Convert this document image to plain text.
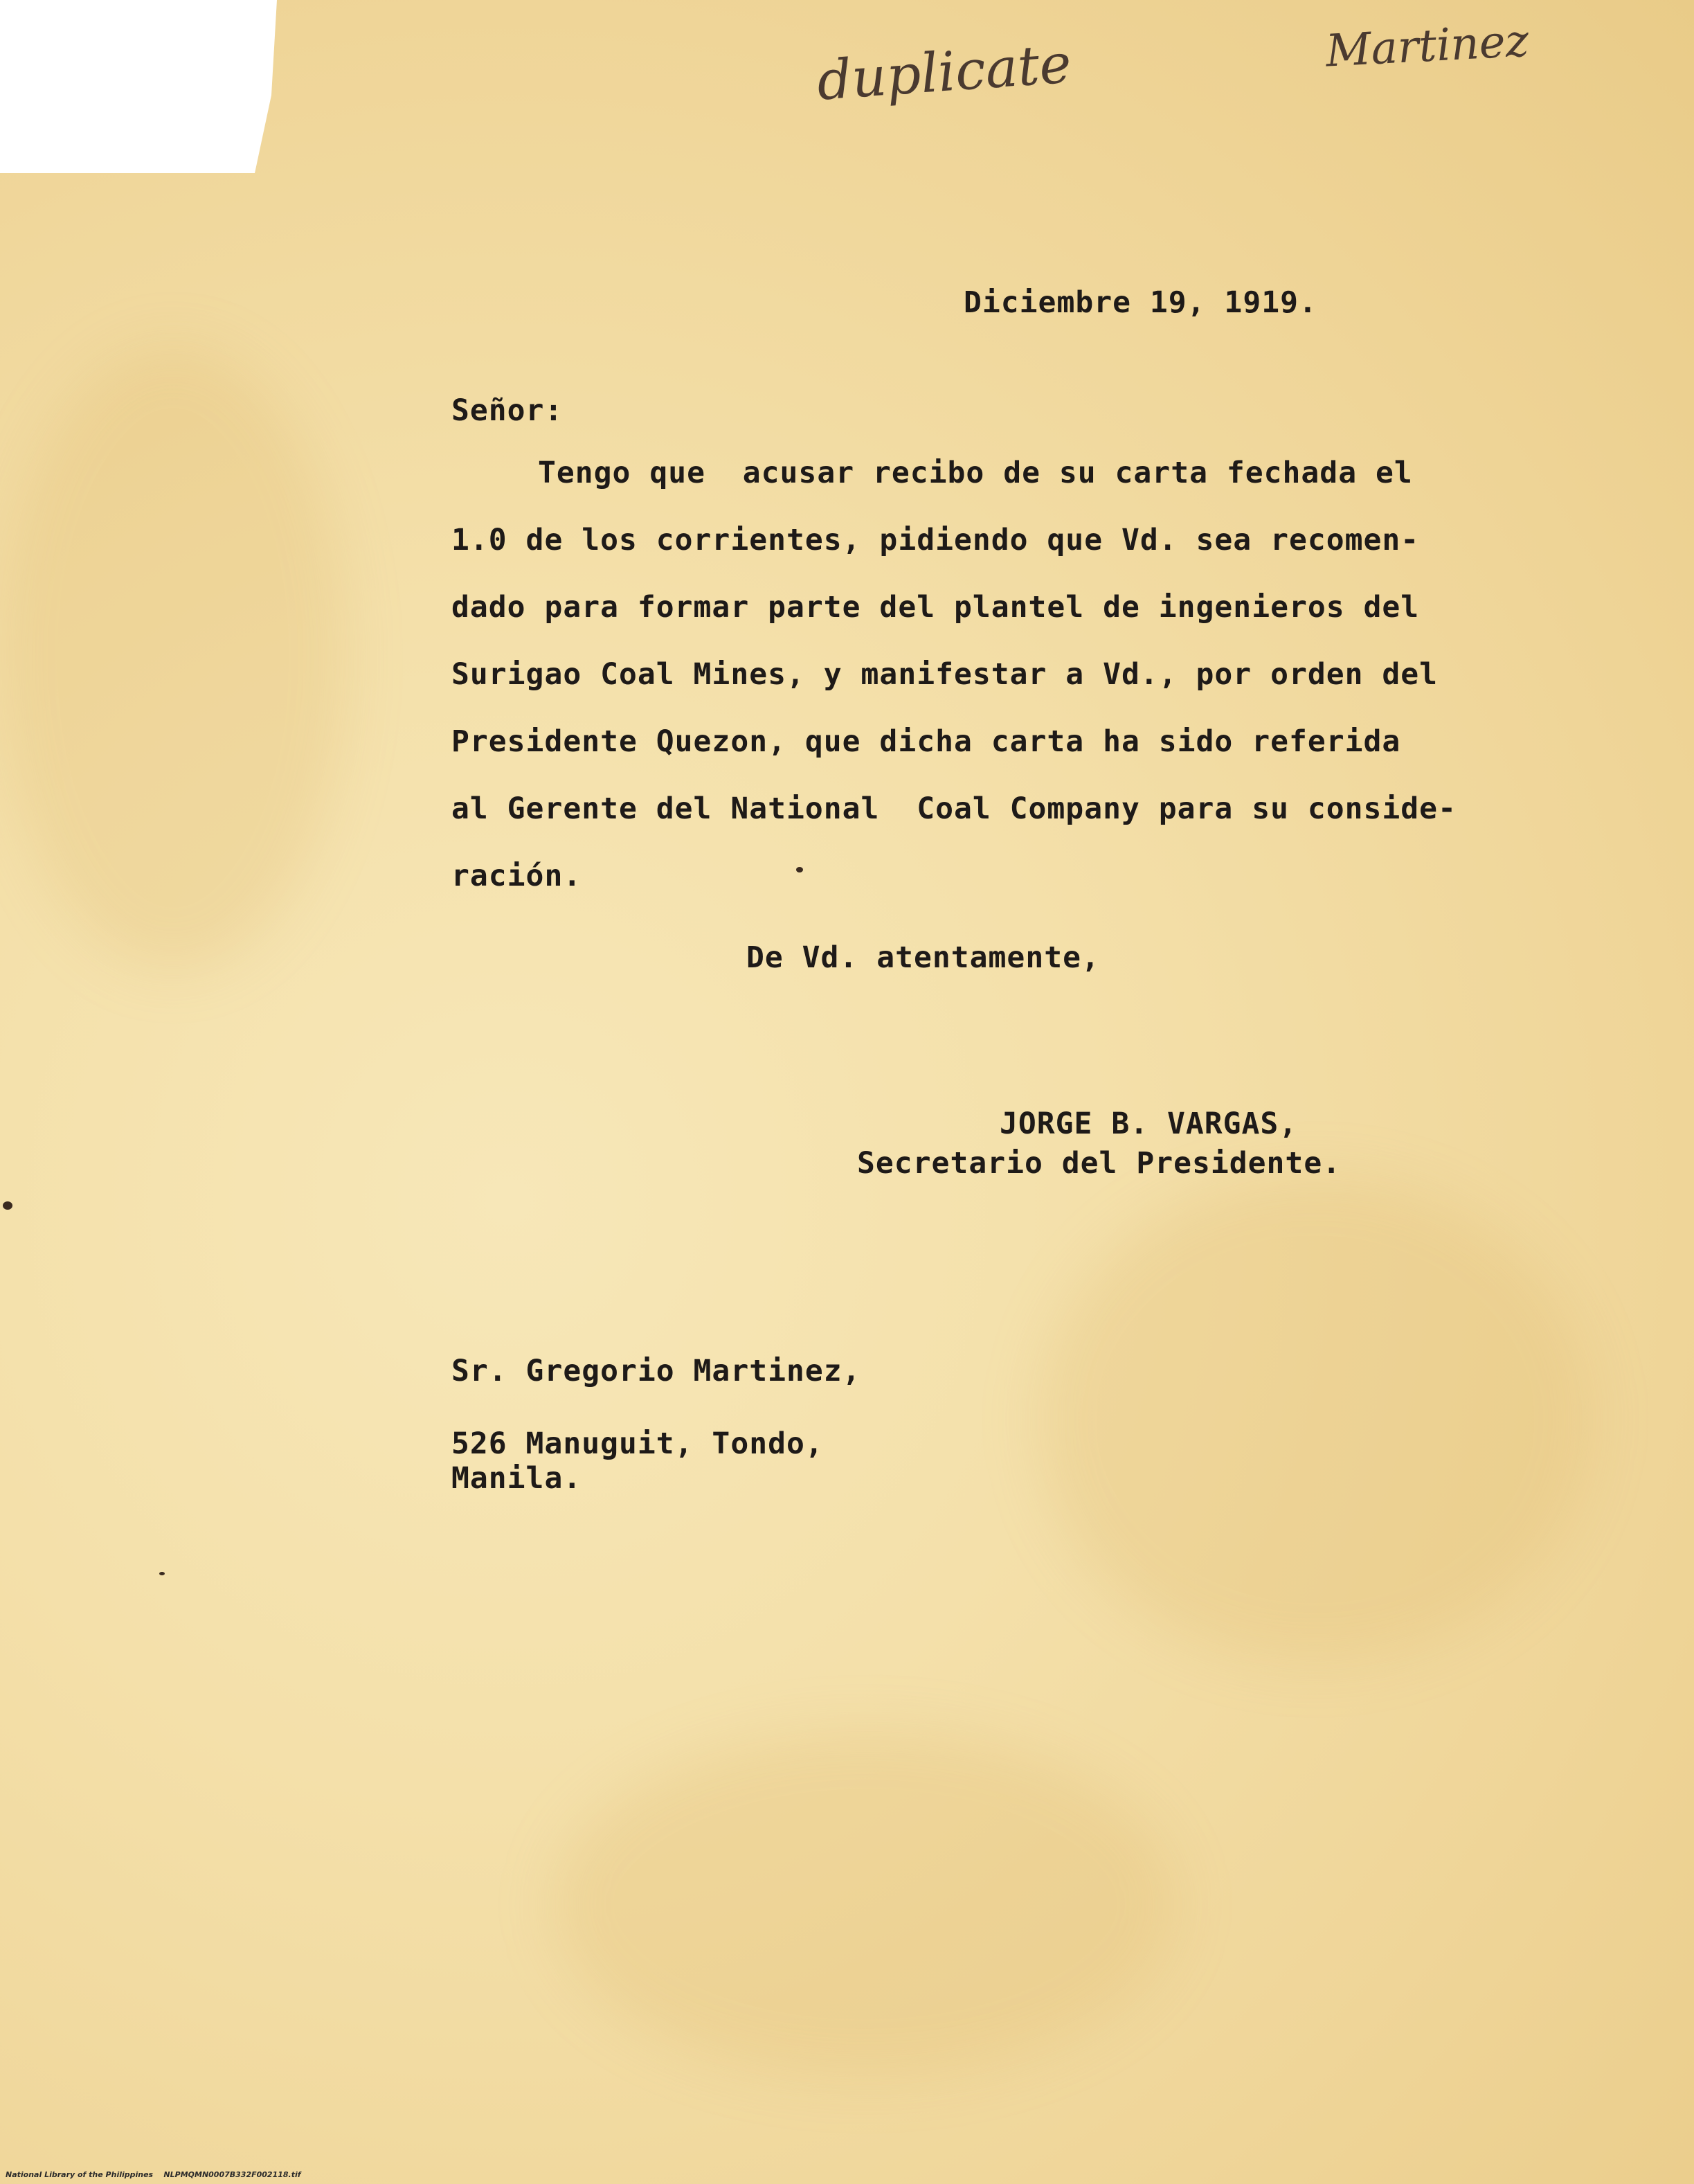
duplicate	Martinez
Diciembre 19, 1919.
Señor:
Tengo que  acusar recibo de su carta fechada el
1.0 de los corrientes, pidiendo que Vd. sea recomen-
dado para formar parte del plantel de ingenieros del
Surigao Coal Mines, y manifestar a Vd., por orden del
Presidente Quezon, que dicha carta ha sido referida
al Gerente del National  Coal Company para su conside-
ración.
De Vd. atentamente,
JORGE B. VARGAS,
Secretario del Presidente.
Sr. Gregorio Martinez,
526 Manuguit, Tondo,
Manila.
National Library of the Philippines    NLPMQMN0007B332F002118.tif
